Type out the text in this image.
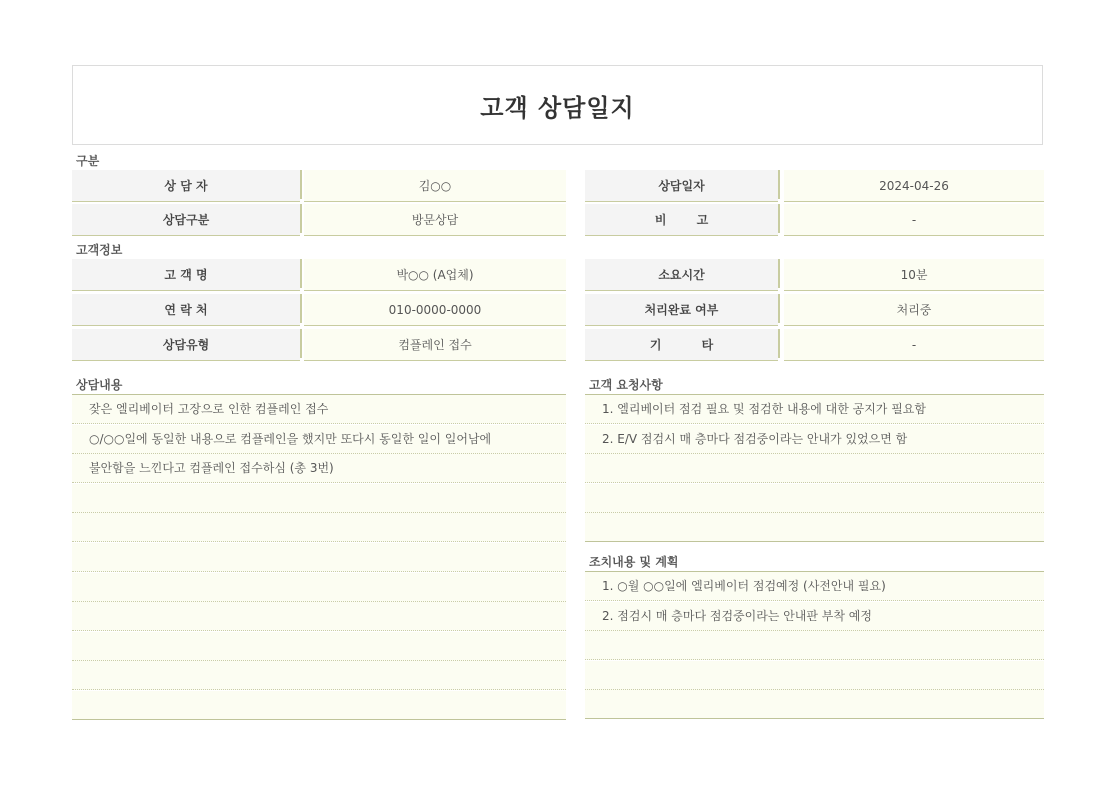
고객 상담일지
구분
상 담 자	김○○	상담일자	2024-04-26
상담구분	방문상담	비 고	-
고객정보
고 객 명	박○○ (A업체)	소요시간	10분
연 락 처	010-0000-0000	처리완료 여부	처리중
상담유형	컴플레인 접수	기 타	-
상담내용
잦은 엘리베이터 고장으로 인한 컴플레인 접수
○/○○일에 동일한 내용으로 컴플레인을 했지만 또다시 동일한 일이 일어남에
불안함을 느낀다고 컴플레인 접수하심 (총 3번)
고객 요청사항
1. 엘리베이터 점검 필요 및 점검한 내용에 대한 공지가 필요함
2. E/V 점검시 매 층마다 점검중이라는 안내가 있었으면 함
조치내용 및 계획
1. ○월 ○○일에 엘리베이터 점검예정 (사전안내 필요)
2. 점검시 매 층마다 점검중이라는 안내판 부착 예정
